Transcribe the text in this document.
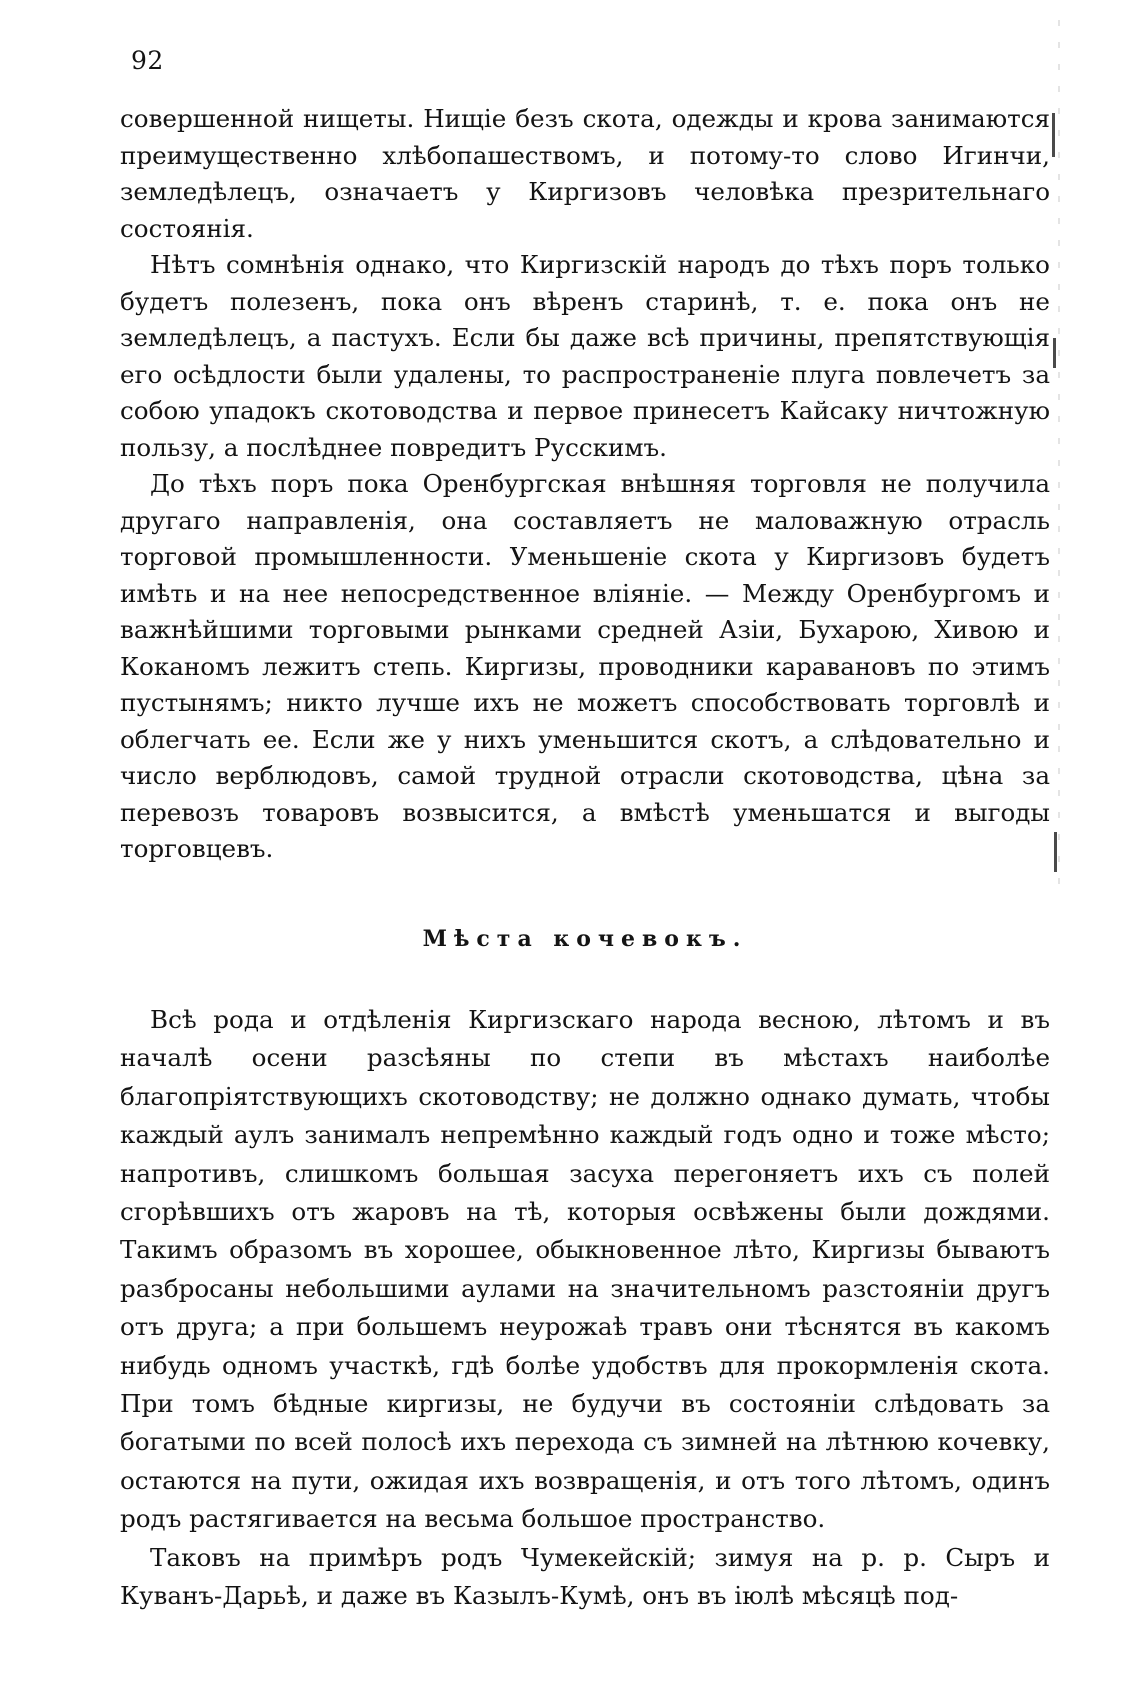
92

совершенной нищеты. Нищіе безъ скота, одежды и крова занимаются преимущественно хлѣбопашествомъ, и потому-то слово Игинчи, земледѣлецъ, означаетъ у Киргизовъ человѣка презрительнаго состоянія.

Нѣтъ сомнѣнія однако, что Киргизскій народъ до тѣхъ поръ только будетъ полезенъ, пока онъ вѣренъ старинѣ, т. е. пока онъ не земледѣлецъ, а пастухъ. Если бы даже всѣ причины, препятствующія его осѣдлости были удалены, то распространеніе плуга повлечетъ за собою упадокъ скотоводства и первое принесетъ Кайсаку ничтожную пользу, а послѣднее повредитъ Русскимъ.

До тѣхъ поръ пока Оренбургская внѣшняя торговля не получила другаго направленія, она составляетъ не маловажную отрасль торговой промышленности. Уменьшеніе скота у Киргизовъ будетъ имѣть и на нее непосредственное вліяніе. — Между Оренбургомъ и важнѣйшими торговыми рынками средней Азіи, Бухарою, Хивою и Коканомъ лежитъ степь. Киргизы, проводники каравановъ по этимъ пустынямъ; никто лучше ихъ не можетъ способствовать торговлѣ и облегчать ее. Если же у нихъ уменьшится скотъ, а слѣдовательно и число верблюдовъ, самой трудной отрасли скотоводства, цѣна за перевозъ товаровъ возвысится, а вмѣстѣ уменьшатся и выгоды торговцевъ.

Мѣста кочевокъ.

Всѣ рода и отдѣленія Киргизскаго народа весною, лѣтомъ и въ началѣ осени разсѣяны по степи въ мѣстахъ наиболѣе благопріятствующихъ скотоводству; не должно однако думать, чтобы каждый аулъ занималъ непремѣнно каждый годъ одно и тоже мѣсто; напротивъ, слишкомъ большая засуха перегоняетъ ихъ съ полей сгорѣвшихъ отъ жаровъ на тѣ, которыя освѣжены были дождями. Такимъ образомъ въ хорошее, обыкновенное лѣто, Киргизы бываютъ разбросаны небольшими аулами на значительномъ разстояніи другъ отъ друга; а при большемъ неурожаѣ травъ они тѣснятся въ какомъ нибудь одномъ участкѣ, гдѣ болѣе удобствъ для прокормленія скота. При томъ бѣдные киргизы, не будучи въ состояніи слѣдовать за богатыми по всей полосѣ ихъ перехода съ зимней на лѣтнюю кочевку, остаются на пути, ожидая ихъ возвращенія, и отъ того лѣтомъ, одинъ родъ растягивается на весьма большое пространство.

Таковъ на примѣръ родъ Чумекейскій; зимуя на р. р. Сыръ и Куванъ-Дарьѣ, и даже въ Казылъ-Кумѣ, онъ въ іюлѣ мѣсяцѣ под-
